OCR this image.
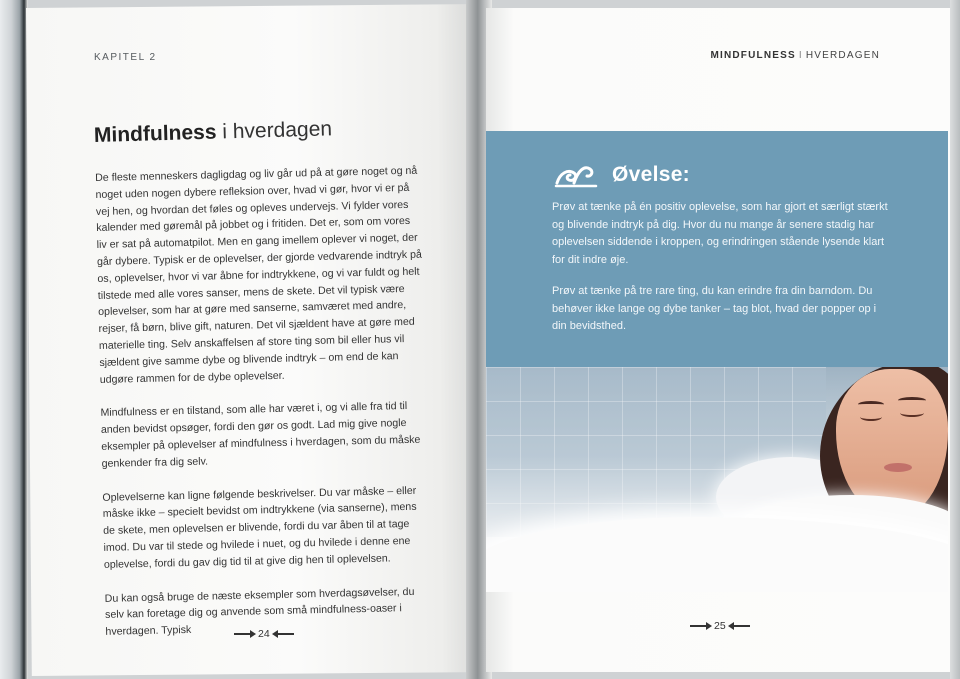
KAPITEL 2
Mindfulness i hverdagen

De fleste menneskers dagligdag og liv går ud på at gøre noget og nå noget uden nogen dybere refleksion over, hvad vi gør, hvor vi er på vej hen, og hvordan det føles og opleves undervejs. Vi fylder vores kalender med gøremål på jobbet og i fritiden. Det er, som om vores liv er sat på automatpilot. Men en gang imellem oplever vi noget, der går dybere. Typisk er de oplevelser, der gjorde vedvarende indtryk på os, oplevelser, hvor vi var åbne for indtrykkene, og vi var fuldt og helt tilstede med alle vores sanser, mens de skete. Det vil typisk være oplevelser, som har at gøre med sanserne, samværet med andre, rejser, få børn, blive gift, naturen. Det vil sjældent have at gøre med materielle ting. Selv anskaffelsen af store ting som bil eller hus vil sjældent give samme dybe og blivende indtryk – om end de kan udgøre rammen for de dybe oplevelser.

Mindfulness er en tilstand, som alle har været i, og vi alle fra tid til anden bevidst opsøger, fordi den gør os godt. Lad mig give nogle eksempler på oplevelser af mindfulness i hverdagen, som du måske genkender fra dig selv.

Oplevelserne kan ligne følgende beskrivelser. Du var måske – eller måske ikke – specielt bevidst om indtrykkene (via sanserne), mens de skete, men oplevelsen er blivende, fordi du var åben til at tage imod. Du var til stede og hvilede i nuet, og du hvilede i denne ene oplevelse, fordi du gav dig tid til at give dig hen til oplevelsen.

Du kan også bruge de næste eksempler som hverdagsøvelser, du selv kan foretage dig og anvende som små mindfulness-oaser i hverdagen. Typisk	24
MINDFULNESS I HVERDAGEN
Øvelse:

Prøv at tænke på én positiv oplevelse, som har gjort et særligt stærkt og blivende indtryk på dig. Hvor du nu mange år senere stadig har oplevelsen siddende i kroppen, og erindringen stående lysende klart for dit indre øje.

Prøv at tænke på tre rare ting, du kan erindre fra din barndom. Du behøver ikke lange og dybe tanker – tag blot, hvad der popper op i din bevidsthed.

25
